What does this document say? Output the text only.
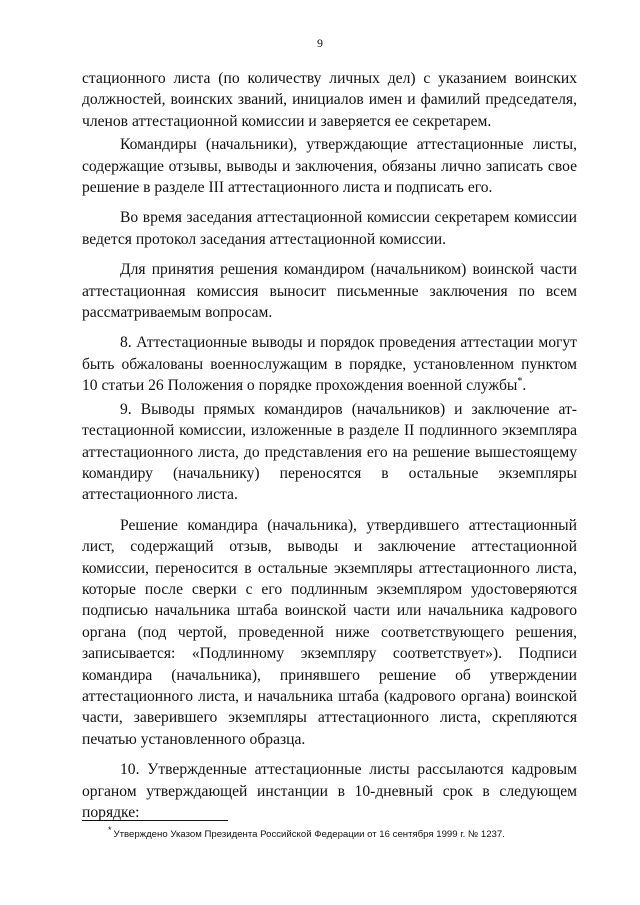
9

стационного листа (по количеству личных дел) с указанием воинских должностей, воинских званий, инициалов имен и фамилий председателя, членов аттестационной комиссии и заверяется ее секретарем.

Командиры (начальники), утверждающие аттестационные листы, содержащие отзывы, выводы и заключения, обязаны лично записать свое решение в разделе III аттестационного листа и подписать его.

Во время заседания аттестационной комиссии секретарем комиссии ведется протокол заседания аттестационной комиссии.

Для принятия решения командиром (начальником) воинской части аттестационная комиссия выносит письменные заключения по всем рассматриваемым вопросам.

8. Аттестационные выводы и порядок проведения аттестации могут быть обжалованы военнослужащим в порядке, установленном пунктом 10 статьи 26 Положения о порядке прохождения военной службы*.

9. Выводы прямых командиров (начальников) и заключение аттестационной комиссии, изложенные в разделе II подлинного экземпляра аттестационного листа, до представления его на решение вышестоящему командиру (начальнику) переносятся в остальные экземпляры аттестационного листа.

Решение командира (начальника), утвердившего аттестационный лист, содержащий отзыв, выводы и заключение аттестационной комиссии, переносится в остальные экземпляры аттестационного листа, которые после сверки с его подлинным экземпляром удостоверяются подписью начальника штаба воинской части или начальника кадрового органа (под чертой, проведенной ниже соответствующего решения, записывается: «Подлинному экземпляру соответствует»). Подписи командира (начальника), принявшего решение об утверждении аттестационного листа, и начальника штаба (кадрового органа) воинской части, заверившего экземпляры аттестационного листа, скрепляются печатью установленного образца.

10. Утвержденные аттестационные листы рассылаются кадровым органом утверждающей инстанции в 10-дневный срок в следующем порядке:

* Утверждено Указом Президента Российской Федерации от 16 сентября 1999 г. № 1237.
